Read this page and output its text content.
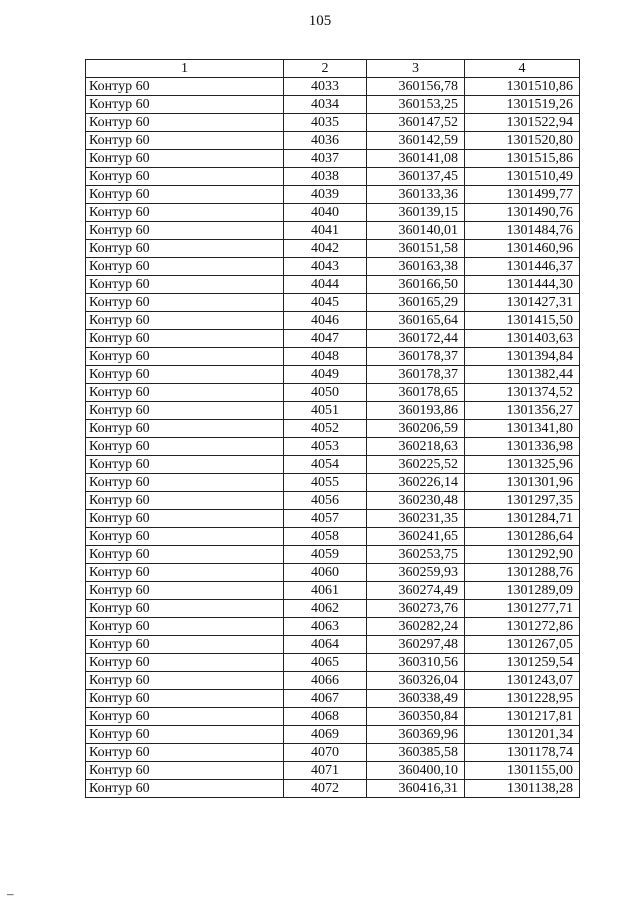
105
1	2	3	4
Контур 60	4033	360156,78	1301510,86
Контур 60	4034	360153,25	1301519,26
Контур 60	4035	360147,52	1301522,94
Контур 60	4036	360142,59	1301520,80
Контур 60	4037	360141,08	1301515,86
Контур 60	4038	360137,45	1301510,49
Контур 60	4039	360133,36	1301499,77
Контур 60	4040	360139,15	1301490,76
Контур 60	4041	360140,01	1301484,76
Контур 60	4042	360151,58	1301460,96
Контур 60	4043	360163,38	1301446,37
Контур 60	4044	360166,50	1301444,30
Контур 60	4045	360165,29	1301427,31
Контур 60	4046	360165,64	1301415,50
Контур 60	4047	360172,44	1301403,63
Контур 60	4048	360178,37	1301394,84
Контур 60	4049	360178,37	1301382,44
Контур 60	4050	360178,65	1301374,52
Контур 60	4051	360193,86	1301356,27
Контур 60	4052	360206,59	1301341,80
Контур 60	4053	360218,63	1301336,98
Контур 60	4054	360225,52	1301325,96
Контур 60	4055	360226,14	1301301,96
Контур 60	4056	360230,48	1301297,35
Контур 60	4057	360231,35	1301284,71
Контур 60	4058	360241,65	1301286,64
Контур 60	4059	360253,75	1301292,90
Контур 60	4060	360259,93	1301288,76
Контур 60	4061	360274,49	1301289,09
Контур 60	4062	360273,76	1301277,71
Контур 60	4063	360282,24	1301272,86
Контур 60	4064	360297,48	1301267,05
Контур 60	4065	360310,56	1301259,54
Контур 60	4066	360326,04	1301243,07
Контур 60	4067	360338,49	1301228,95
Контур 60	4068	360350,84	1301217,81
Контур 60	4069	360369,96	1301201,34
Контур 60	4070	360385,58	1301178,74
Контур 60	4071	360400,10	1301155,00
Контур 60	4072	360416,31	1301138,28
–
